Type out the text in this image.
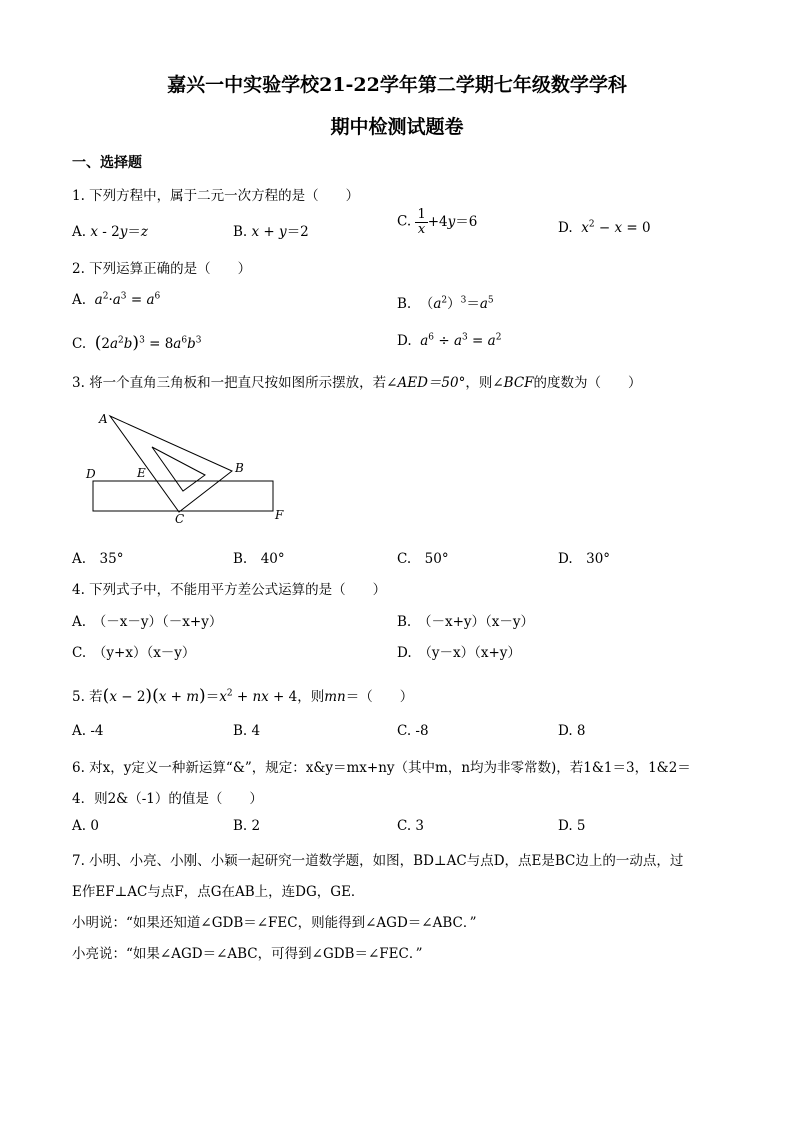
嘉兴一中实验学校21-22学年第二学期七年级数学学科
期中检测试题卷
一、选择题
1. 下列方程中，属于二元一次方程的是（　　）
A. x - 2y＝z	B. x + y＝2
C. $\frac{1}{x} +4y=6$	D. $x^2 - x = 0$
2. 下列运算正确的是（　　）
A. $a^2\cdot a^3 = a^6$	B.  $(a^2)^3=a^5$
C. $(2a^2b)^3 = 8a^6b^3$	D. $a^6 \div a^3 = a^2$
3. 将一个直角三角板和一把直尺按如图所示摆放，若∠AED＝50°，则∠BCF的度数为（　　）
A
B
C
D	E
F
A.　35°	B.　40°	C.　50°	D.　30°
4. 下列式子中，不能用平方差公式运算的是（　　）
A.　（－x－y）（－x+y）	B.　（－x+y）（x－y）
C.　（y+x）（x－y）	D.　（y－x）（x+y）
5. 若$(x - 2)(x + m)=x^2$ + nx + 4，则mn＝（　　）
A. -4	B. 4	C. -8	D. 8
6. 对x，y定义一种新运算“&”，规定：x&y＝mx+ny（其中m，n均为非零常数)，若1&1＝3，1&2＝
4．则2&（-1）的值是（　　）
A. 0	B. 2	C. 3	D. 5
7. 小明、小亮、小刚、小颖一起研究一道数学题，如图，BD⊥AC与点D，点E是BC边上的一动点，过
E作EF⊥AC与点F，点G在AB上，连DG，GE．
小明说：“如果还知道∠GDB＝∠FEC，则能得到∠AGD＝∠ABC．”
小亮说：“如果∠AGD＝∠ABC，可得到∠GDB＝∠FEC．”
